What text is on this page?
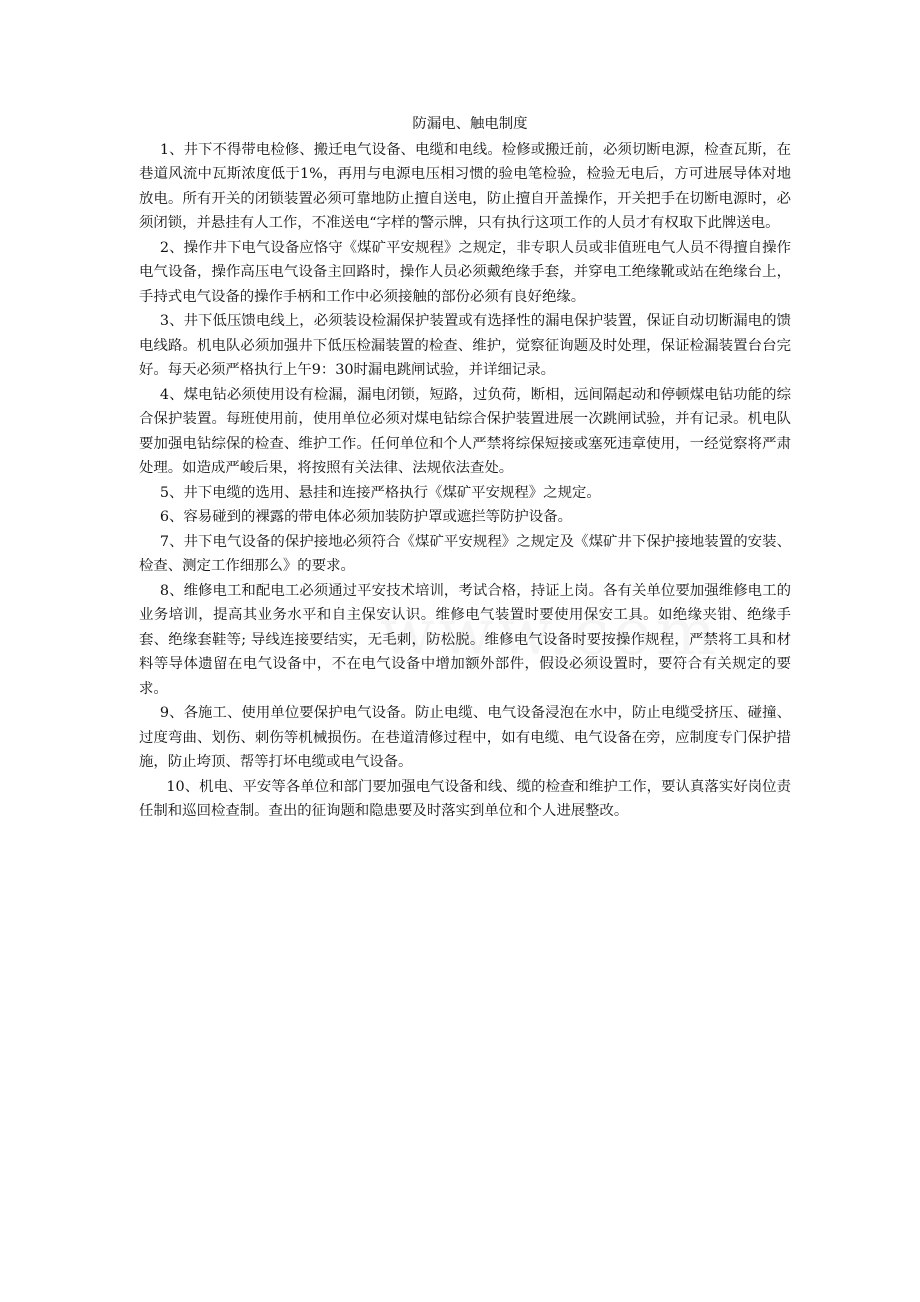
防漏电、触电制度

1、井下不得带电检修、搬迁电气设备、电缆和电线。检修或搬迁前，必须切断电源，检查瓦斯，在巷道风流中瓦斯浓度低于1%，再用与电源电压相习惯的验电笔检验，检验无电后，方可进展导体对地放电。所有开关的闭锁装置必须可靠地防止擅自送电，防止擅自开盖操作，开关把手在切断电源时，必须闭锁，并悬挂有人工作，不准送电“字样的警示牌，只有执行这项工作的人员才有权取下此牌送电。

2、操作井下电气设备应恪守《煤矿平安规程》之规定，非专职人员或非值班电气人员不得擅自操作电气设备，操作高压电气设备主回路时，操作人员必须戴绝缘手套，并穿电工绝缘靴或站在绝缘台上，手持式电气设备的操作手柄和工作中必须接触的部份必须有良好绝缘。

3、井下低压馈电线上，必须装设检漏保护装置或有选择性的漏电保护装置，保证自动切断漏电的馈电线路。机电队必须加强井下低压检漏装置的检查、维护，觉察征询题及时处理，保证检漏装置台台完好。每天必须严格执行上午9：30时漏电跳闸试验，并详细记录。

4、煤电钻必须使用设有检漏，漏电闭锁，短路，过负荷，断相，远间隔起动和停顿煤电钻功能的综合保护装置。每班使用前，使用单位必须对煤电钻综合保护装置进展一次跳闸试验，并有记录。机电队要加强电钻综保的检查、维护工作。任何单位和个人严禁将综保短接或塞死违章使用，一经觉察将严肃处理。如造成严峻后果，将按照有关法律、法规依法查处。

5、井下电缆的选用、悬挂和连接严格执行《煤矿平安规程》之规定。

6、容易碰到的裸露的带电体必须加装防护罩或遮拦等防护设备。

7、井下电气设备的保护接地必须符合《煤矿平安规程》之规定及《煤矿井下保护接地装置的安装、检查、测定工作细那么》的要求。

8、维修电工和配电工必须通过平安技术培训，考试合格，持证上岗。各有关单位要加强维修电工的业务培训，提高其业务水平和自主保安认识。维修电气装置时要使用保安工具。如绝缘夹钳、绝缘手套、绝缘套鞋等; 导线连接要结实，无毛刺，防松脱。维修电气设备时要按操作规程，严禁将工具和材料等导体遗留在电气设备中，不在电气设备中增加额外部件，假设必须设置时，要符合有关规定的要求。

9、各施工、使用单位要保护电气设备。防止电缆、电气设备浸泡在水中，防止电缆受挤压、碰撞、过度弯曲、划伤、刺伤等机械损伤。在巷道清修过程中，如有电缆、电气设备在旁，应制度专门保护措施，防止垮顶、帮等打坏电缆或电气设备。

10、机电、平安等各单位和部门要加强电气设备和线、缆的检查和维护工作，要认真落实好岗位责任制和巡回检查制。查出的征询题和隐患要及时落实到单位和个人进展整改。
